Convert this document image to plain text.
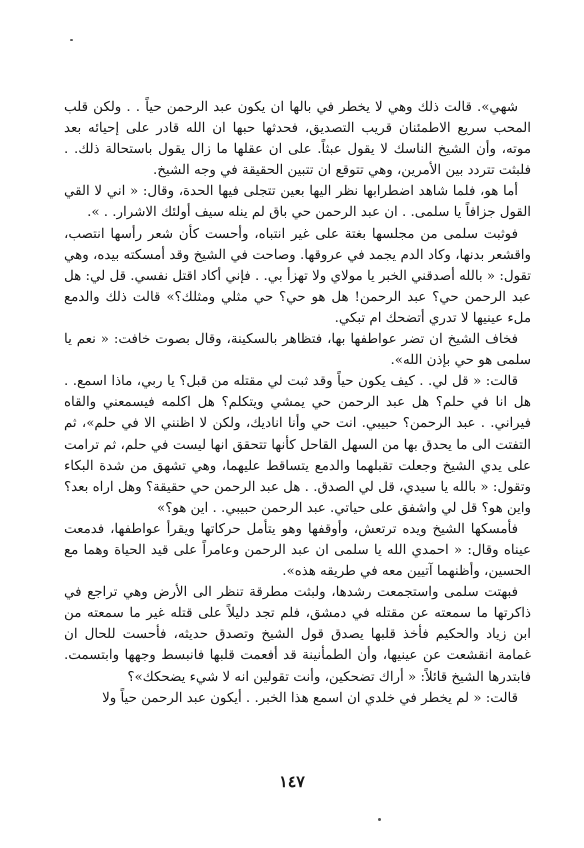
شهي». قالت ذلك وهي لا يخطر في بالها ان يكون عبد الرحمن حياً . . ولكن قلب المحب سريع الاطمئنان قريب التصديق، فحدثها حبها ان الله قادر على إحيائه بعد موته، وأن الشيخ الناسك لا يقول عبثاً. على ان عقلها ما زال يقول باستحالة ذلك. . فلبثت تتردد بين الأمرين، وهي تتوقع ان تتبين الحقيقة في وجه الشيخ.

أما هو، فلما شاهد اضطرابها نظر اليها بعين تتجلى فيها الحدة، وقال: « اني لا القي القول جزافاً يا سلمى. . ان عبد الرحمن حي باق لم ينله سيف أولئك الاشرار. . ».

فوثبت سلمى من مجلسها بغتة على غير انتباه، وأحست كأن شعر رأسها انتصب، واقشعر بدنها، وكاد الدم يجمد في عروقها. وصاحت في الشيخ وقد أمسكته بيده، وهي تقول: « بالله أصدقني الخبر يا مولاي ولا تهزأ بي. . فإني أكاد اقتل نفسي. قل لي: هل عبد الرحمن حي؟ عبد الرحمن! هل هو حي؟ حي مثلي ومثلك؟» قالت ذلك والدمع ملء عينيها لا تدري أتضحك ام تبكي.

فخاف الشيخ ان تضر عواطفها بها، فتظاهر بالسكينة، وقال بصوت خافت: « نعم يا سلمى هو حي بإذن الله».

قالت: « قل لي. . كيف يكون حياً وقد ثبت لي مقتله من قبل؟ يا ربي، ماذا اسمع. . هل انا في حلم؟ هل عبد الرحمن حي يمشي ويتكلم؟ هل اكلمه فيسمعني والقاه فيراني. . عبد الرحمن؟ حبيبي. انت حي وأنا اناديك، ولكن لا اظنني الا في حلم»، ثم التفتت الى ما يحدق بها من السهل القاحل كأنها تتحقق انها ليست في حلم، ثم ترامت على يدي الشيخ وجعلت تقبلهما والدمع يتساقط عليهما، وهي تشهق من شدة البكاء وتقول: « بالله يا سيدي، قل لي الصدق. . هل عبد الرحمن حي حقيقة؟ وهل اراه بعد؟ واين هو؟ قل لي واشفق على حياتي. عبد الرحمن حبيبي. . اين هو؟»

فأمسكها الشيخ ويده ترتعش، وأوقفها وهو يتأمل حركاتها ويقرأ عواطفها، فدمعت عيناه وقال: « احمدي الله يا سلمى ان عبد الرحمن وعامراً على قيد الحياة وهما مع الحسين، وأظنهما آتيين معه في طريقه هذه».

فبهتت سلمى واستجمعت رشدها، ولبثت مطرقة تنظر الى الأرض وهي تراجع في ذاكرتها ما سمعته عن مقتله في دمشق، فلم تجد دليلاً على قتله غير ما سمعته من ابن زياد والحكيم فأخذ قلبها يصدق قول الشيخ وتصدق حديثه، فأحست للحال ان غمامة انقشعت عن عينيها، وأن الطمأنينة قد أفعمت قلبها فانبسط وجهها وابتسمت. فابتدرها الشيخ قائلاً: « أراك تضحكين، وأنت تقولين انه لا شيء يضحكك»؟

قالت: « لم يخطر في خلدي ان اسمع هذا الخبر. . أيكون عبد الرحمن حياً ولا

١٤٧
